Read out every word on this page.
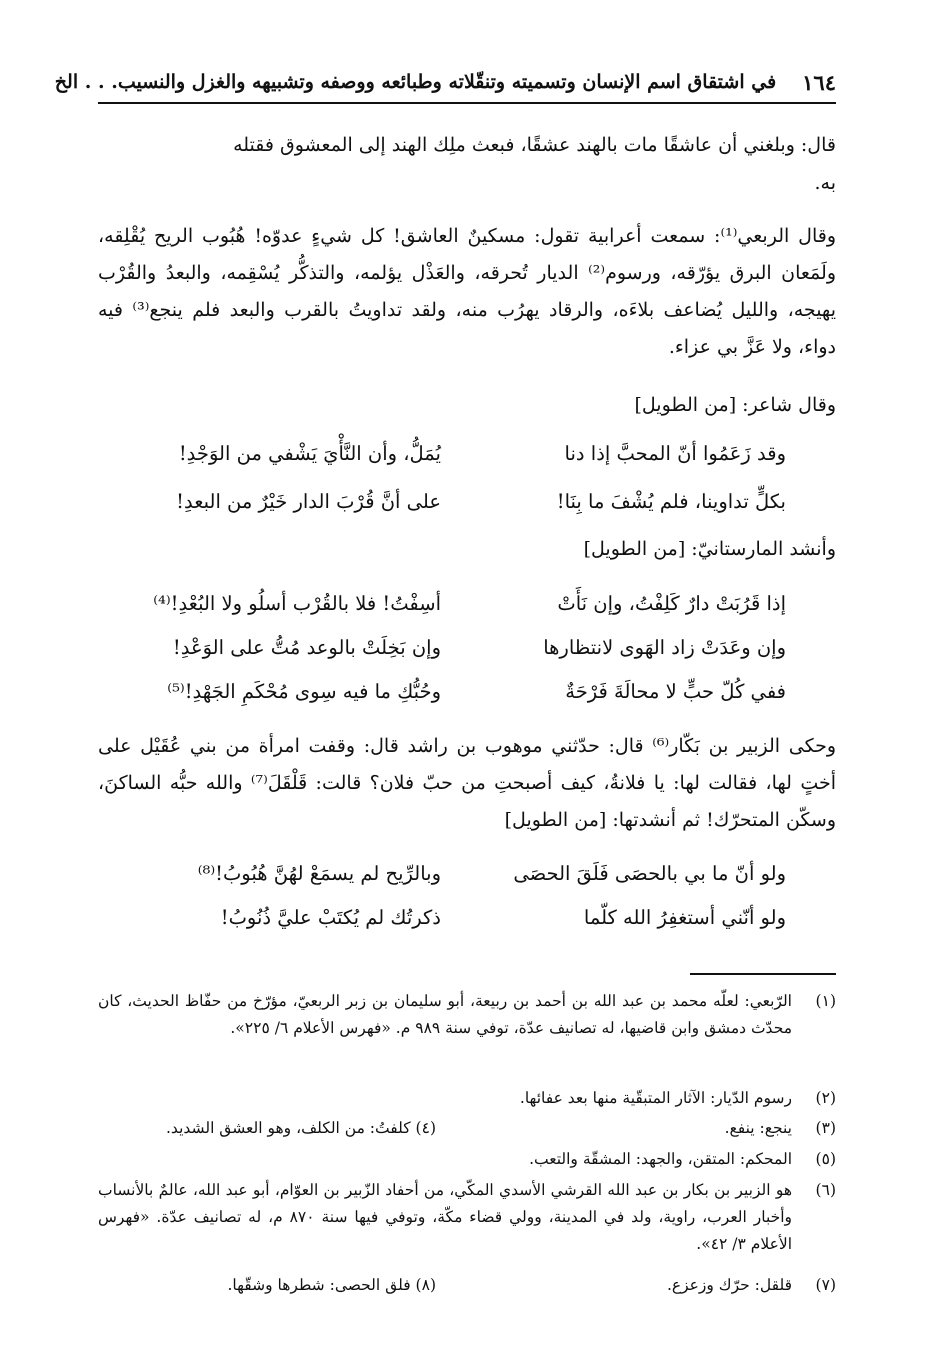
١٦٤
في اشتقاق اسم الإنسان وتسميته وتنقّلاته وطبائعه ووصفه وتشبيهه والغزل والنسيب. . . الخ
قال: وبلغني أن عاشقًا مات بالهند عشقًا، فبعث ملِك الهند إلى المعشوق فقتله
به.

وقال الربعي⁽¹⁾: سمعت أعرابية تقول: مسكينٌ العاشق! كل شيءٍ عدوّه! هُبُوب الريح يُقْلِقه، ولَمَعان البرق يؤرّقه، ورسوم⁽²⁾ الديار تُحرقه، والعَذْل يؤلمه، والتذكُّر يُسْقِمه، والبعدُ والقُرْب يهيجه، والليل يُضاعف بلاءَه، والرقاد يهرُب منه، ولقد تداويتُ بالقرب والبعد فلم ينجع⁽³⁾ فيه دواء، ولا عَزَّ بي عزاء.

وقال شاعر: [من الطويل]
وقد زَعَمُوا أنّ المحبَّ إذا دنا
يُمَلُّ، وأن النَّأْيَ يَشْفي من الوَجْدِ!
بكلٍّ تداوينا، فلم يُشْفَ ما بِنَا!
على أنَّ قُرْبَ الدار خَيْرٌ من البعدِ!
وأنشد المارستانيّ: [من الطويل]
إذا قَرُبَتْ دارٌ كَلِفْتُ، وإن نَأَتْ
أسِفْتُ! فلا بالقُرْب أسلُو ولا البُعْدِ!⁽⁴⁾
وإن وعَدَتْ زاد الهَوى لانتظارها
وإن بَخِلَتْ بالوعد مُتُّ على الوَعْدِ!
ففي كُلّ حبٍّ لا محالَةَ فَرْحَةٌ
وحُبُّكِ ما فيه سِوى مُحْكَمِ الجَهْدِ!⁽⁵⁾

وحكى الزبير بن بَكّار⁽⁶⁾ قال: حدّثني موهوب بن راشد قال: وقفت امرأة من بني عُقَيْل على أختٍ لها، فقالت لها: يا فلانةُ، كيف أصبحتِ من حبّ فلان؟ قالت: قَلْقَلَ⁽⁷⁾ والله حبُّه الساكنَ، وسكّن المتحرّك! ثم أنشدتها: [من الطويل]

ولو أنّ ما بي بالحصَى فَلَقَ الحصَى
وبالرِّيح لم يسمَعْ لهُنَّ هُبُوبُ!⁽⁸⁾
ولو أنّني أستغفِرُ الله كلّما
ذكرتُك لم يُكتَبْ عليَّ ذُنُوبُ!
(١)
الرّبعي: لعلّه محمد بن عبد الله بن أحمد بن ربيعة، أبو سليمان بن زبر الربعيّ، مؤرّخ من حفّاظ الحديث، كان محدّث دمشق وابن قاضيها، له تصانيف عدّة، توفي سنة ٩٨٩ م. «فهرس الأعلام ٦/ ٢٢٥».
(٢)
رسوم الدّيار: الآثار المتبقّية منها بعد عفائها.
(٣)
ينجع: ينفع.
(٤) كلفتُ: من الكلف، وهو العشق الشديد.
(٥)
المحكم: المتقن، والجهد: المشقّة والتعب.
(٦)
هو الزبير بن بكار بن عبد الله القرشي الأسدي المكّي، من أحفاد الزّبير بن العوّام، أبو عبد الله، عالمٌ بالأنساب وأخبار العرب، راوية، ولد في المدينة، وولي قضاء مكّة، وتوفي فيها سنة ٨٧٠ م، له تصانيف عدّة. «فهرس الأعلام ٣/ ٤٢».
(٧)
قلقل: حرّك وزعزع.
(٨) فلق الحصى: شطرها وشقّها.
